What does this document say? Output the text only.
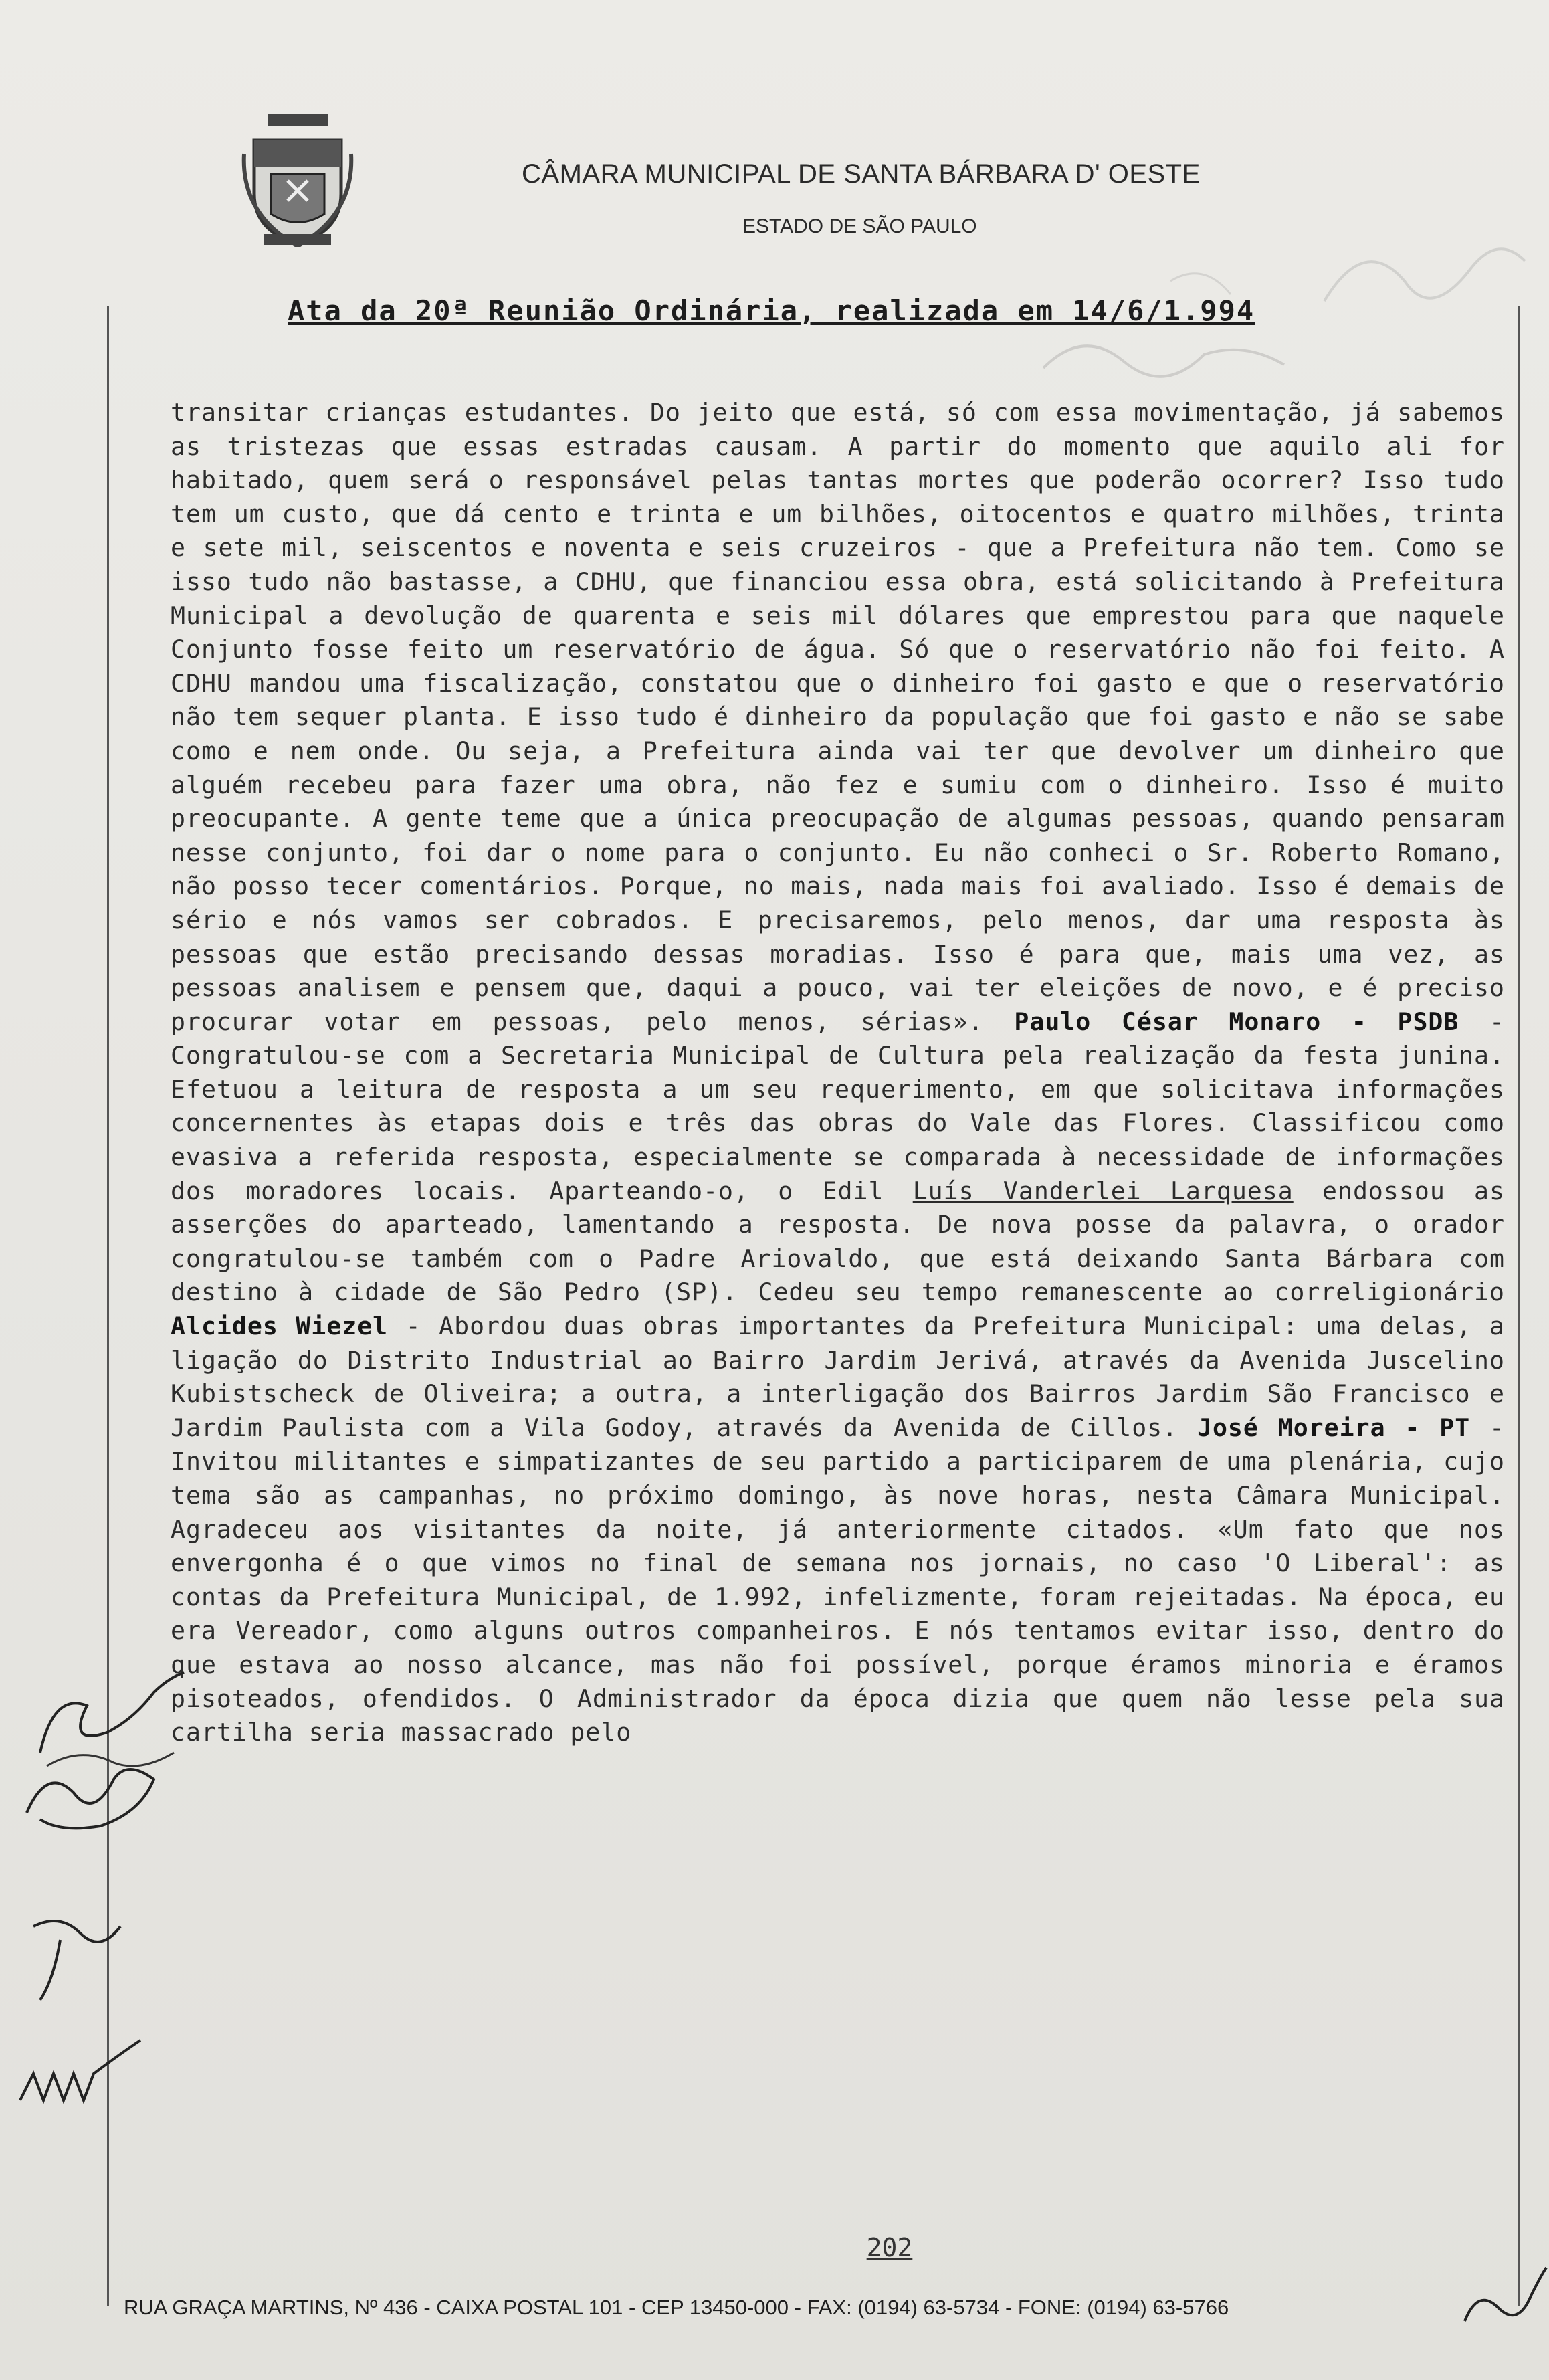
CÂMARA MUNICIPAL DE SANTA BÁRBARA D' OESTE
ESTADO DE SÃO PAULO
Ata da 20ª Reunião Ordinária, realizada em 14/6/1.994
transitar crianças estudantes. Do jeito que está, só com essa movimentação, já sabemos as tristezas que essas estradas causam. A partir do momento que aquilo ali for habitado, quem será o responsável pelas tantas mortes que poderão ocorrer? Isso tudo tem um custo, que dá cento e trinta e um bilhões, oitocentos e quatro milhões, trinta e sete mil, seiscentos e noventa e seis cruzeiros - que a Prefeitura não tem. Como se isso tudo não bastasse, a CDHU, que financiou essa obra, está solicitando à Prefeitura Municipal a devolução de quarenta e seis mil dólares que emprestou para que naquele Conjunto fosse feito um reservatório de água. Só que o reservatório não foi feito. A CDHU mandou uma fiscalização, constatou que o dinheiro foi gasto e que o reservatório não tem sequer planta. E isso tudo é dinheiro da população que foi gasto e não se sabe como e nem onde. Ou seja, a Prefeitura ainda vai ter que devolver um dinheiro que alguém recebeu para fazer uma obra, não fez e sumiu com o dinheiro. Isso é muito preocupante. A gente teme que a única preocupação de algumas pessoas, quando pensaram nesse conjunto, foi dar o nome para o conjunto. Eu não conheci o Sr. Roberto Romano, não posso tecer comentários. Porque, no mais, nada mais foi avaliado. Isso é demais de sério e nós vamos ser cobrados. E precisaremos, pelo menos, dar uma resposta às pessoas que estão precisando dessas moradias. Isso é para que, mais uma vez, as pessoas analisem e pensem que, daqui a pouco, vai ter eleições de novo, e é preciso procurar votar em pessoas, pelo menos, sérias». Paulo César Monaro - PSDB - Congratulou-se com a Secretaria Municipal de Cultura pela realização da festa junina. Efetuou a leitura de resposta a um seu requerimento, em que solicitava informações concernentes às etapas dois e três das obras do Vale das Flores. Classificou como evasiva a referida resposta, especialmente se comparada à necessidade de informações dos moradores locais. Aparteando-o, o Edil Luís Vanderlei Larquesa endossou as asserções do aparteado, lamentando a resposta. De nova posse da palavra, o orador congratulou-se também com o Padre Ariovaldo, que está deixando Santa Bárbara com destino à cidade de São Pedro (SP). Cedeu seu tempo remanescente ao correligionário Alcides Wiezel - Abordou duas obras importantes da Prefeitura Municipal: uma delas, a ligação do Distrito Industrial ao Bairro Jardim Jerivá, através da Avenida Juscelino Kubistscheck de Oliveira; a outra, a interligação dos Bairros Jardim São Francisco e Jardim Paulista com a Vila Godoy, através da Avenida de Cillos. José Moreira - PT - Invitou militantes e simpatizantes de seu partido a participarem de uma plenária, cujo tema são as campanhas, no próximo domingo, às nove horas, nesta Câmara Municipal. Agradeceu aos visitantes da noite, já anteriormente citados. «Um fato que nos envergonha é o que vimos no final de semana nos jornais, no caso 'O Liberal': as contas da Prefeitura Municipal, de 1.992, infelizmente, foram rejeitadas. Na época, eu era Vereador, como alguns outros companheiros. E nós tentamos evitar isso, dentro do que estava ao nosso alcance, mas não foi possível, porque éramos minoria e éramos pisoteados, ofendidos. O Administrador da época dizia que quem não lesse pela sua cartilha seria massacrado pelo
202
RUA GRAÇA MARTINS, Nº 436 - CAIXA POSTAL 101 - CEP 13450-000 - FAX: (0194) 63-5734 - FONE: (0194) 63-5766
